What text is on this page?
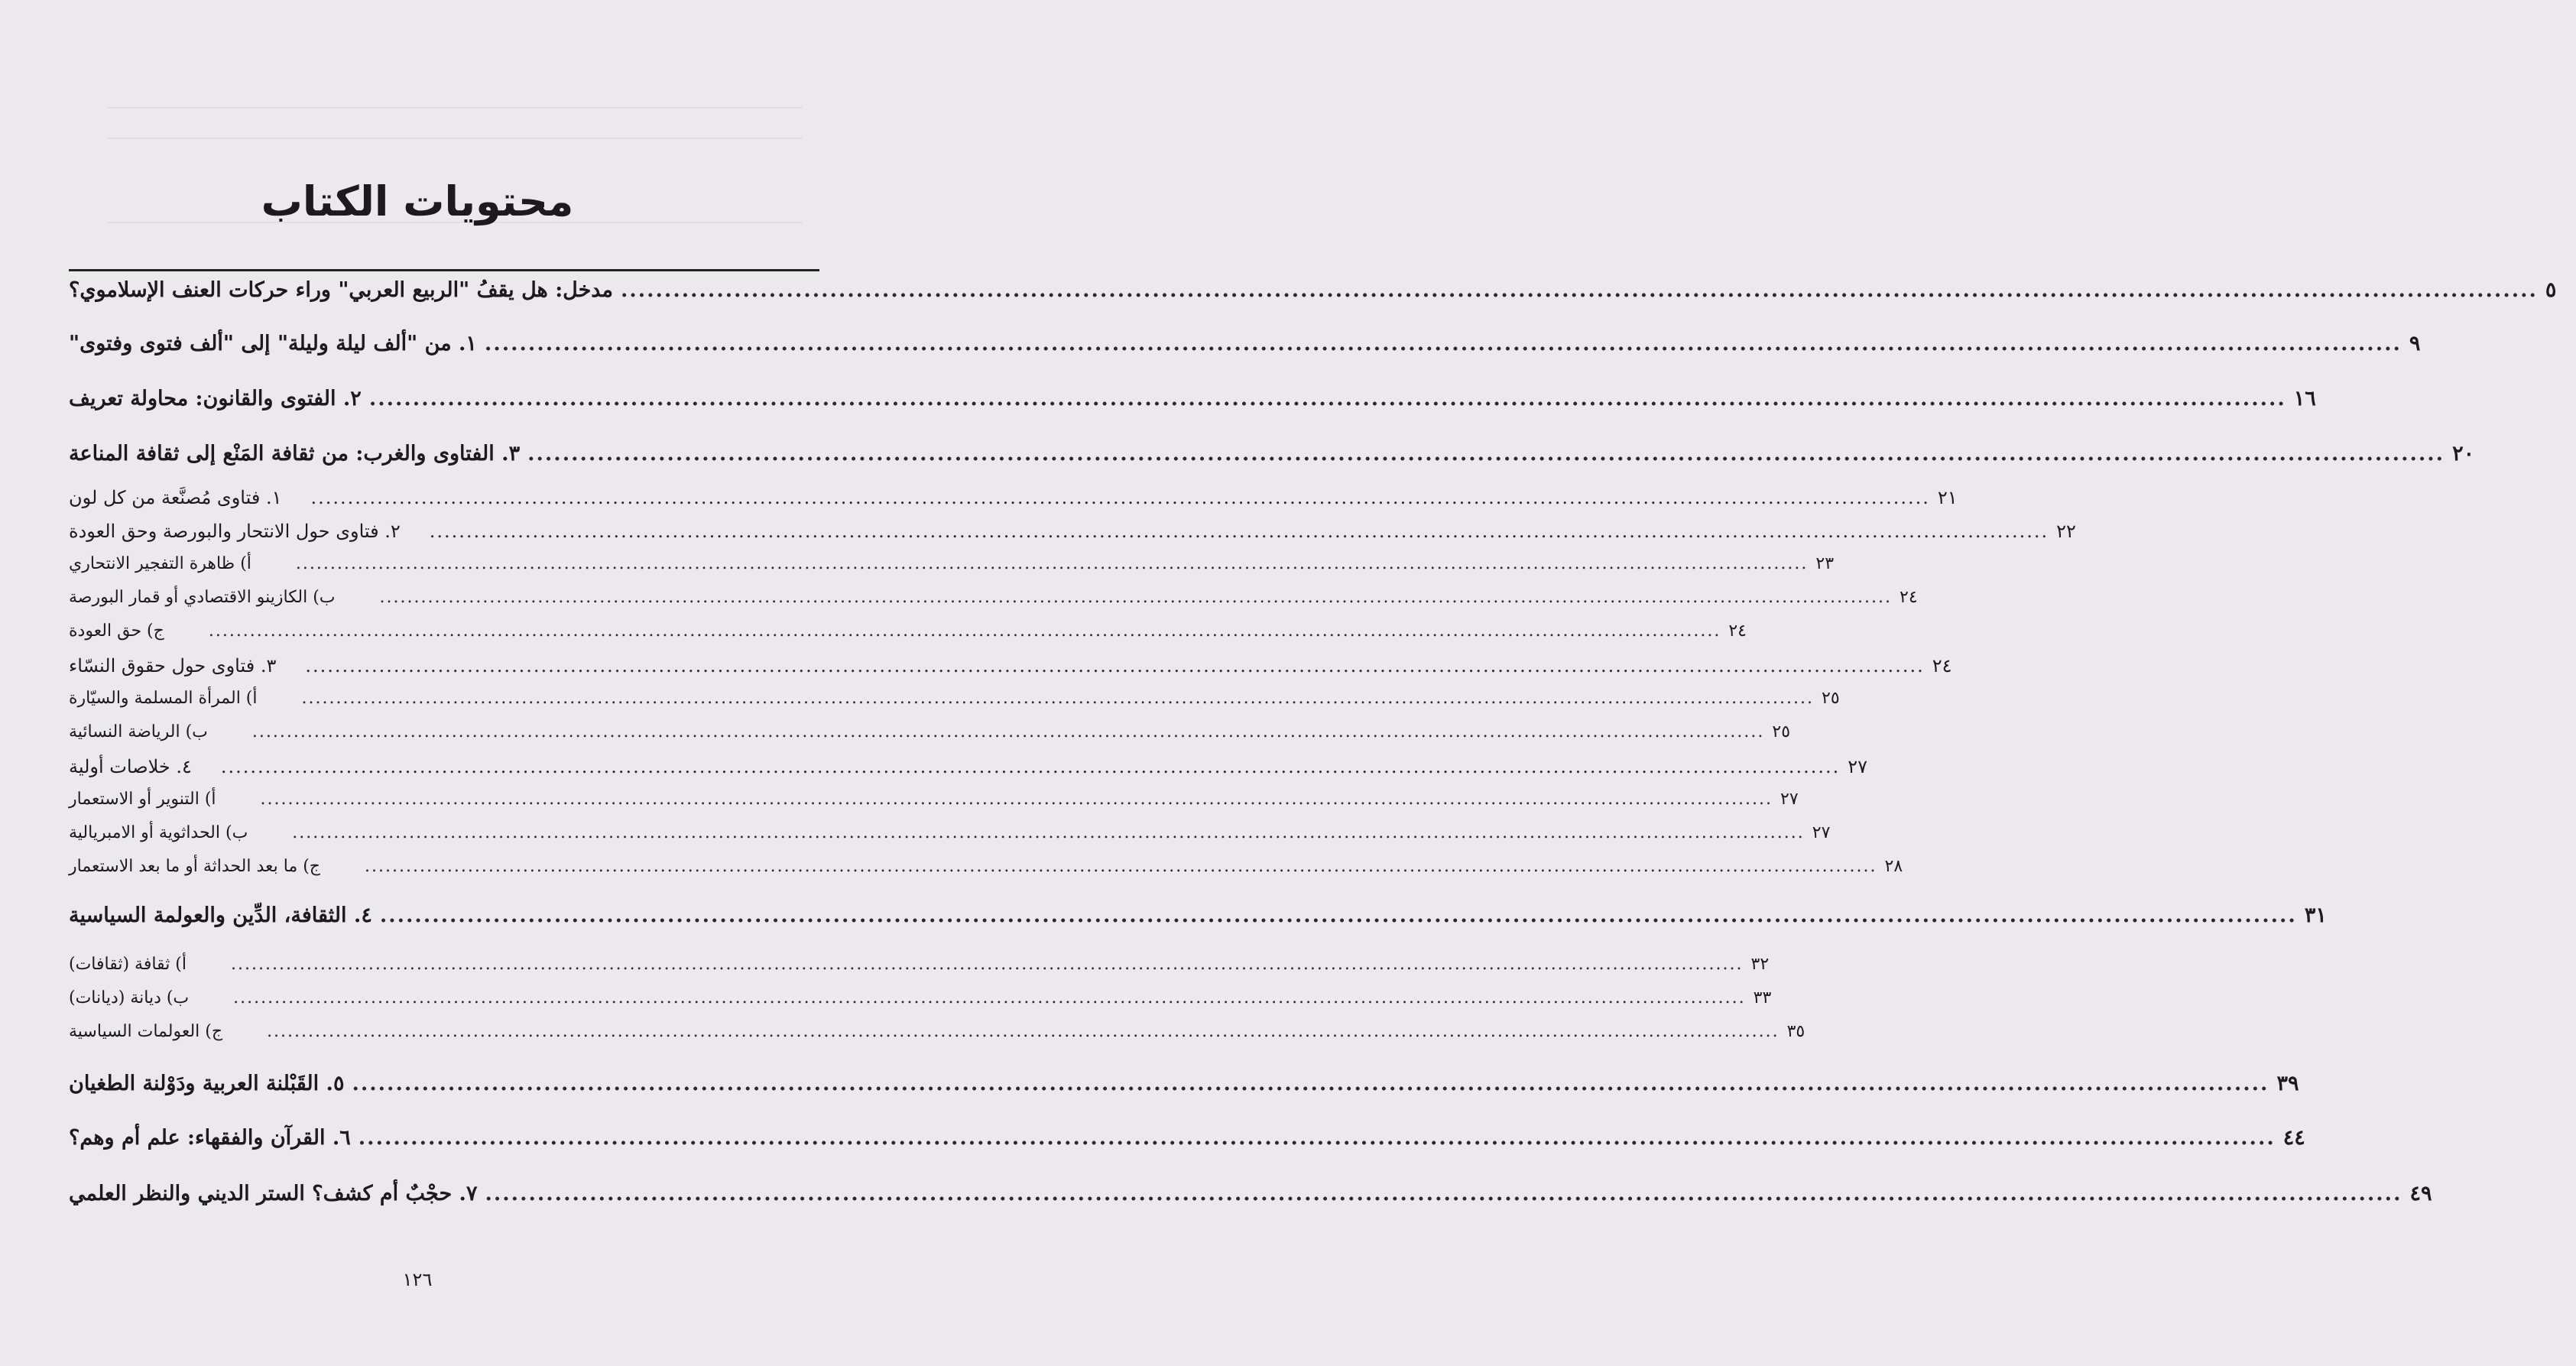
محتويات الكتاب
مدخل: هل يقفُ "الربيع العربي" وراء حركات العنف الإسلاموي؟ ............................................................................................................................................................................................................................ ٥
١. من "ألف ليلة وليلة" إلى "ألف فتوى وفتوى" ............................................................................................................................................................................................................................ ٩
٢. الفتوى والقانون: محاولة تعريف ............................................................................................................................................................................................................................ ١٦
٣. الفتاوى والغرب: من ثقافة المَنْع إلى ثقافة المناعة ............................................................................................................................................................................................................................ ٢٠
١. فتاوى مُصنَّعة من كل لون ............................................................................................................................................................................................................................ ٢١
٢. فتاوى حول الانتحار والبورصة وحق العودة ............................................................................................................................................................................................................................ ٢٢
أ) ظاهرة التفجير الانتحاري	............................................................................................................................................................................................................................ ٢٣
ب) الكازينو الاقتصادي أو قمار البورصة	............................................................................................................................................................................................................................ ٢٤
ج) حق العودة	............................................................................................................................................................................................................................ ٢٤
٣. فتاوى حول حقوق النسّاء ............................................................................................................................................................................................................................ ٢٤
أ) المرأة المسلمة والسيّارة	............................................................................................................................................................................................................................ ٢٥
ب) الرياضة النسائية	............................................................................................................................................................................................................................ ٢٥
٤. خلاصات أولية ............................................................................................................................................................................................................................ ٢٧
أ) التنوير أو الاستعمار	............................................................................................................................................................................................................................ ٢٧
ب) الحداثوية أو الامبريالية	............................................................................................................................................................................................................................ ٢٧
ج) ما بعد الحداثة أو ما بعد الاستعمار	............................................................................................................................................................................................................................ ٢٨
٤. الثقافة، الدِّين والعولمة السياسية ............................................................................................................................................................................................................................ ٣١
أ) ثقافة (ثقافات)	............................................................................................................................................................................................................................ ٣٢
ب) ديانة (ديانات)	............................................................................................................................................................................................................................ ٣٣
ج) العولمات السياسية	............................................................................................................................................................................................................................ ٣٥
٥. القَبْلنة العربية ودَوْلنة الطغيان ............................................................................................................................................................................................................................ ٣٩
٦. القرآن والفقهاء: علم أم وهم؟ ............................................................................................................................................................................................................................ ٤٤
٧. حجْبٌ أم كشف؟ الستر الديني والنظر العلمي ............................................................................................................................................................................................................................ ٤٩
١٢٦
